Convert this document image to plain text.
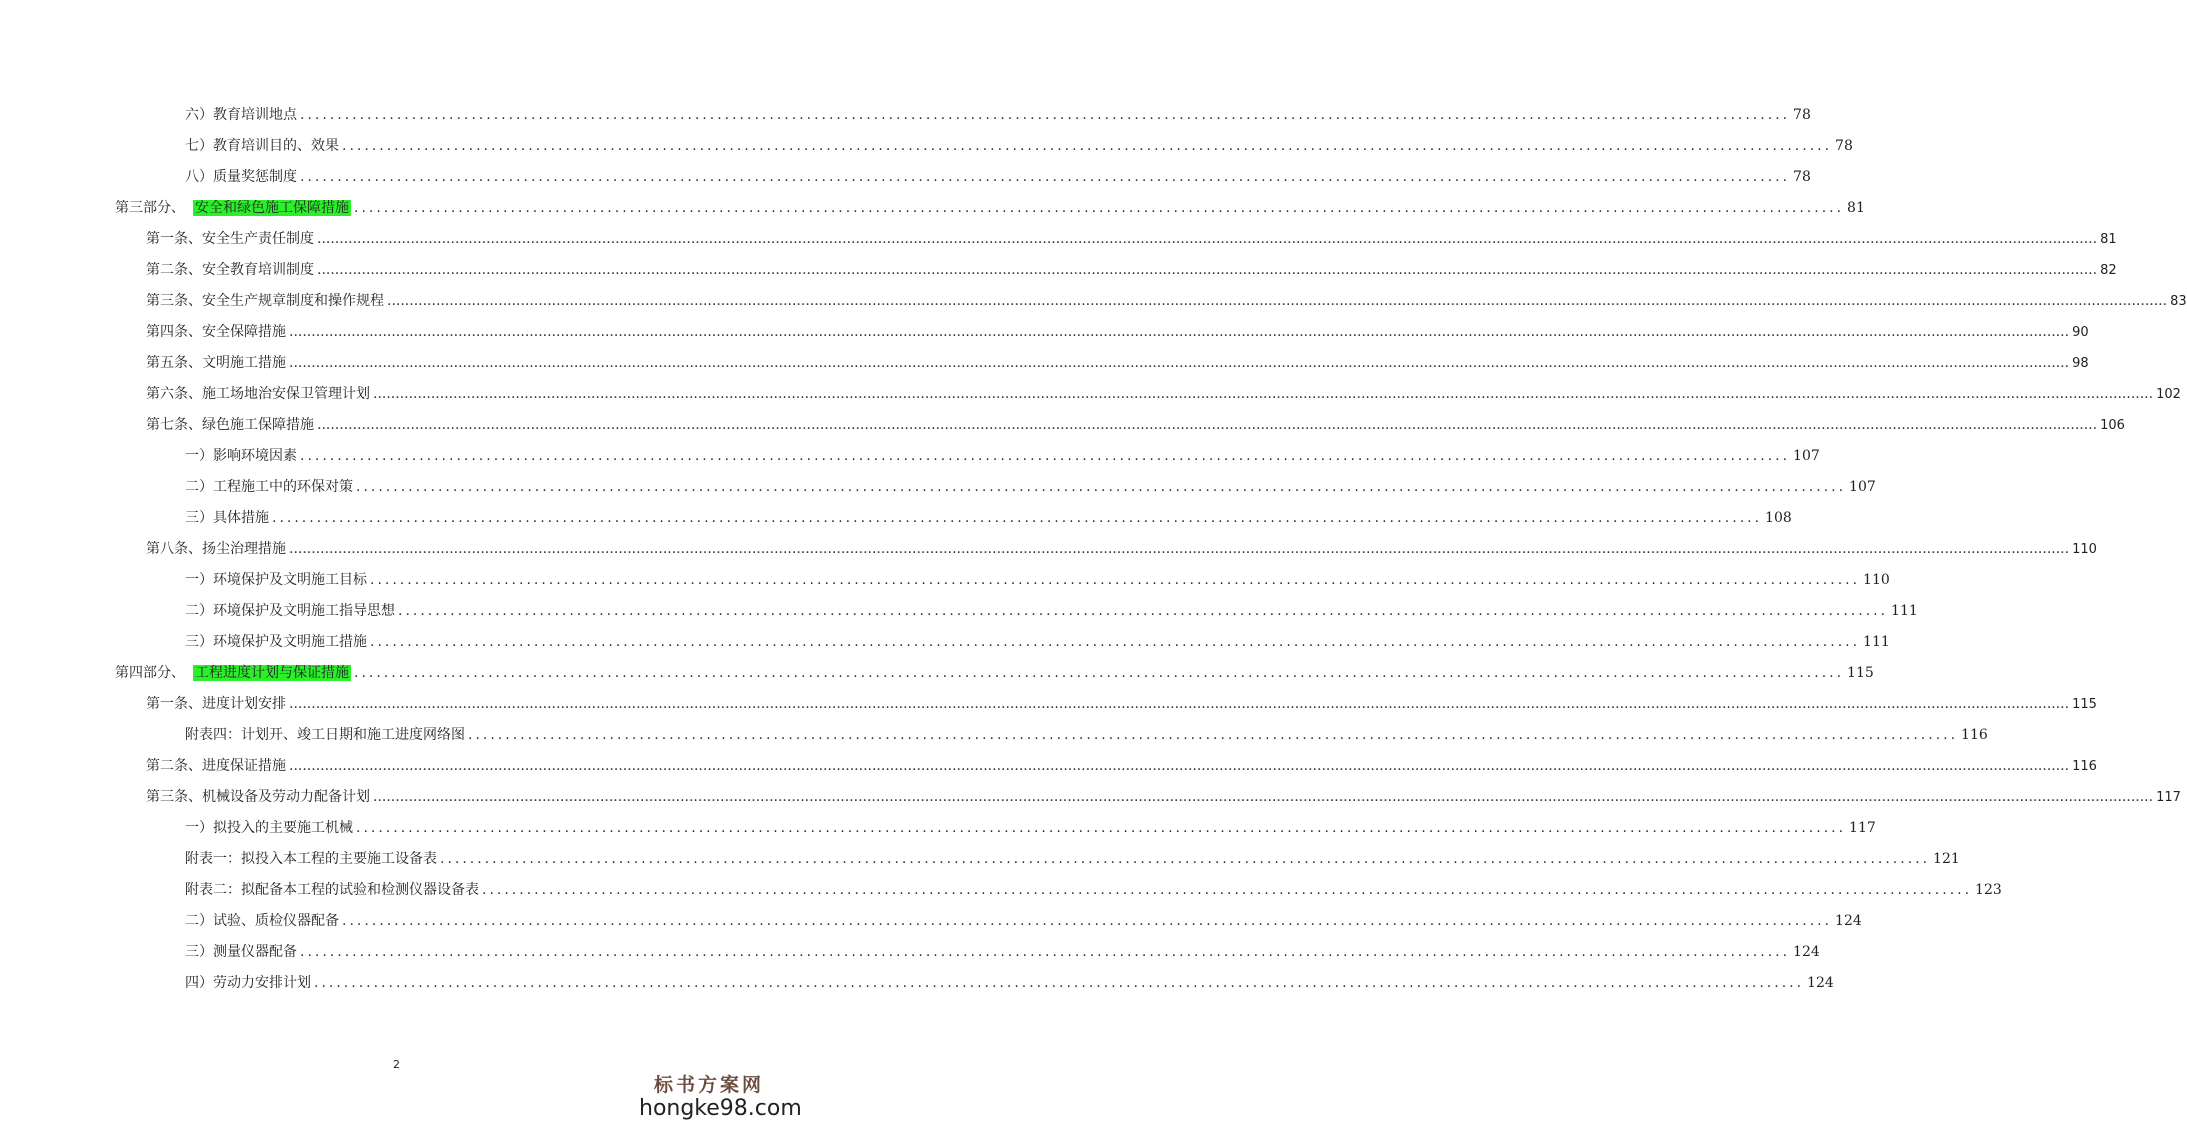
六）教育培训地点 ........................................................................................................................................................................................................ 78
七）教育培训目的、效果 ........................................................................................................................................................................................................ 78
八）质量奖惩制度 ........................................................................................................................................................................................................ 78
第三部分、 安全和绿色施工保障措施 ........................................................................................................................................................................................................ 81
第一条、安全生产责任制度 ................................................................................................................................................................................................................................................................................................................................................................................................................ 81
第二条、安全教育培训制度 ................................................................................................................................................................................................................................................................................................................................................................................................................ 82
第三条、安全生产规章制度和操作规程 ................................................................................................................................................................................................................................................................................................................................................................................................................ 83
第四条、安全保障措施 ................................................................................................................................................................................................................................................................................................................................................................................................................ 90
第五条、文明施工措施 ................................................................................................................................................................................................................................................................................................................................................................................................................ 98
第六条、施工场地治安保卫管理计划 ................................................................................................................................................................................................................................................................................................................................................................................................................ 102
第七条、绿色施工保障措施 ................................................................................................................................................................................................................................................................................................................................................................................................................ 106
一）影响环境因素 ........................................................................................................................................................................................................ 107
二）工程施工中的环保对策 ........................................................................................................................................................................................................ 107
三）具体措施 ........................................................................................................................................................................................................ 108
第八条、扬尘治理措施 ................................................................................................................................................................................................................................................................................................................................................................................................................ 110
一）环境保护及文明施工目标 ........................................................................................................................................................................................................ 110
二）环境保护及文明施工指导思想 ........................................................................................................................................................................................................ 111
三）环境保护及文明施工措施 ........................................................................................................................................................................................................ 111
第四部分、 工程进度计划与保证措施 ........................................................................................................................................................................................................ 115
第一条、进度计划安排 ................................................................................................................................................................................................................................................................................................................................................................................................................ 115
附表四：计划开、竣工日期和施工进度网络图 ........................................................................................................................................................................................................ 116
第二条、进度保证措施 ................................................................................................................................................................................................................................................................................................................................................................................................................ 116
第三条、机械设备及劳动力配备计划 ................................................................................................................................................................................................................................................................................................................................................................................................................ 117
一）拟投入的主要施工机械 ........................................................................................................................................................................................................ 117
附表一：拟投入本工程的主要施工设备表 ........................................................................................................................................................................................................ 121
附表二：拟配备本工程的试验和检测仪器设备表 ........................................................................................................................................................................................................ 123
二）试验、质检仪器配备 ........................................................................................................................................................................................................ 124
三）测量仪器配备 ........................................................................................................................................................................................................ 124
四）劳动力安排计划 ........................................................................................................................................................................................................ 124
2
标书方案网
hongke98.com
